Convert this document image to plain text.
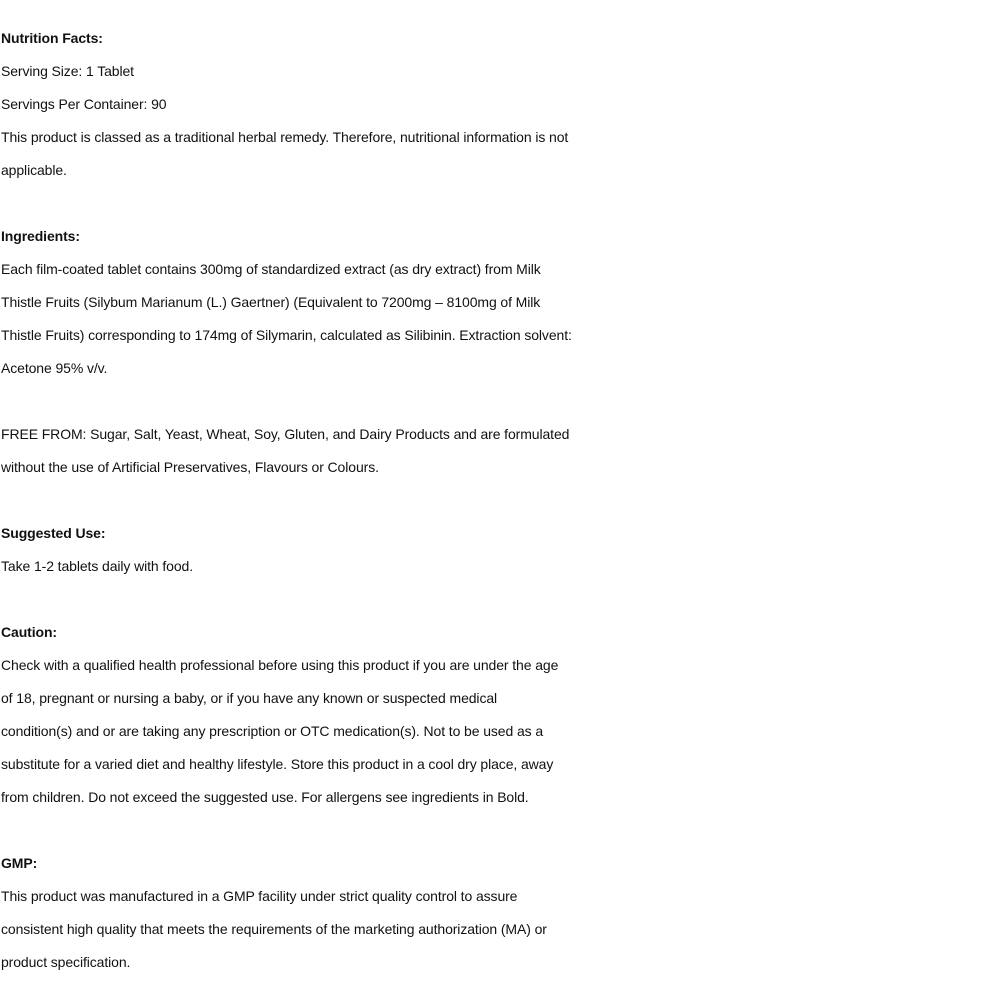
Nutrition Facts:
Serving Size: 1 Tablet
Servings Per Container: 90
This product is classed as a traditional herbal remedy. Therefore, nutritional information is not
applicable.
Ingredients:
Each film-coated tablet contains 300mg of standardized extract (as dry extract) from Milk
Thistle Fruits (Silybum Marianum (L.) Gaertner) (Equivalent to 7200mg – 8100mg of Milk
Thistle Fruits) corresponding to 174mg of Silymarin, calculated as Silibinin. Extraction solvent:
Acetone 95% v/v.
FREE FROM: Sugar, Salt, Yeast, Wheat, Soy, Gluten, and Dairy Products and are formulated
without the use of Artificial Preservatives, Flavours or Colours.
Suggested Use:
Take 1-2 tablets daily with food.
Caution:
Check with a qualified health professional before using this product if you are under the age
of 18, pregnant or nursing a baby, or if you have any known or suspected medical
condition(s) and or are taking any prescription or OTC medication(s). Not to be used as a
substitute for a varied diet and healthy lifestyle. Store this product in a cool dry place, away
from children. Do not exceed the suggested use. For allergens see ingredients in Bold.
GMP:
This product was manufactured in a GMP facility under strict quality control to assure
consistent high quality that meets the requirements of the marketing authorization (MA) or
product specification.
